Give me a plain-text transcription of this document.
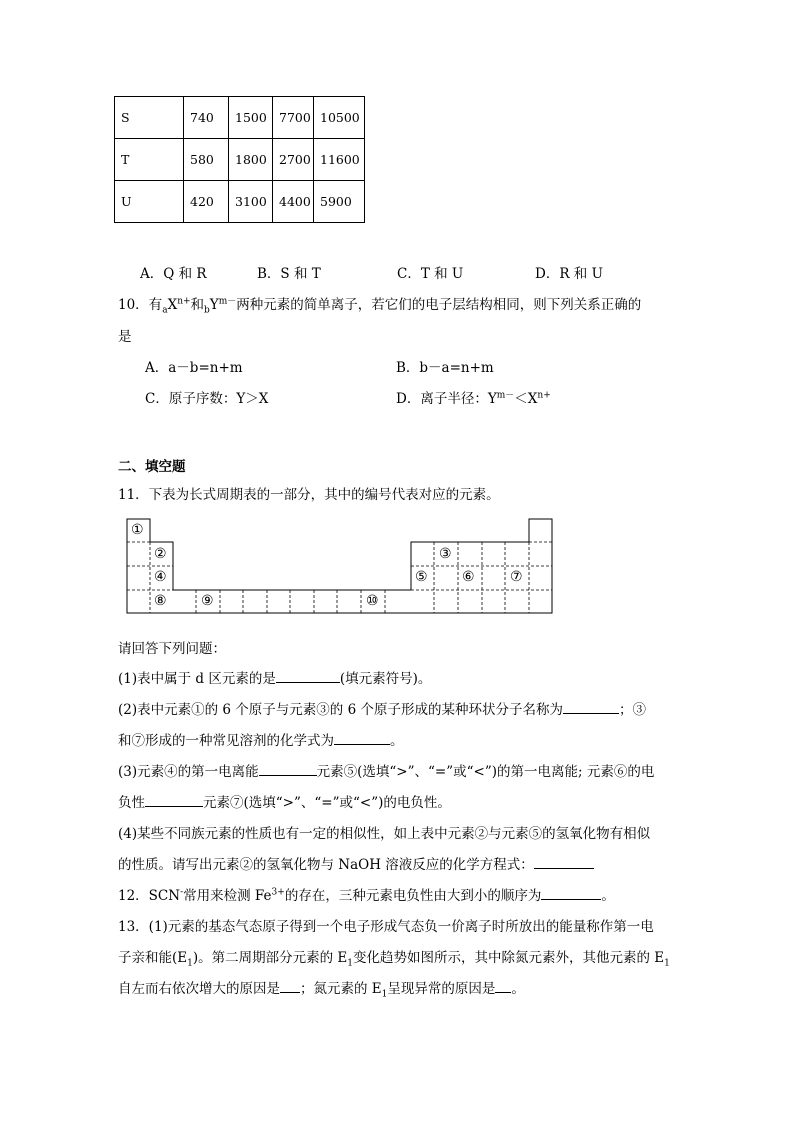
S	740	1500	7700	10500
T	580	1800	2700	11600
U	420	3100	4400	5900
A．Q 和 R	B．S 和 T	C．T 和 U	D．R 和 U
10．有$_aX^{n+}$和$_bY^{m-}$两种元素的简单离子，若它们的电子层结构相同，则下列关系正确的
是
A．a－b=n+m	B．b－a=n+m
C．原子序数：Y＞X	D．离子半径：$Y^{m-}<X^{n+}$
二、填空题
11．下表为长式周期表的一部分，其中的编号代表对应的元素。
①
②	③
④	⑤ ⑥	⑦
⑧ ⑨	⑩
请回答下列问题：
(1)表中属于 d 区元素的是	(填元素符号)。
(2)表中元素①的 6 个原子与元素③的 6 个原子形成的某种环状分子名称为	；③
和⑦形成的一种常见溶剂的化学式为	。
(3)元素④的第一电离能	元素⑤(选填“>”、“=”或“<”)的第一电离能; 元素⑥的电
负性	元素⑦(选填“>”、“=”或“<”)的电负性。
(4)某些不同族元素的性质也有一定的相似性，如上表中元素②与元素⑤的氢氧化物有相似
的性质。请写出元素②的氢氧化物与 NaOH 溶液反应的化学方程式：
12．SCN-常用来检测 $Fe^{3+}$的存在，三种元素电负性由大到小的顺序为	。
13．(1)元素的基态气态原子得到一个电子形成气态负一价离子时所放出的能量称作第一电
子亲和能$(E_1)$。第二周期部分元素的 $E_1$变化趋势如图所示，其中除氮元素外，其他元素的 $E_1$
自左而右依次增大的原因是 ；氮元素的 $E_1$呈现异常的原因是 。
